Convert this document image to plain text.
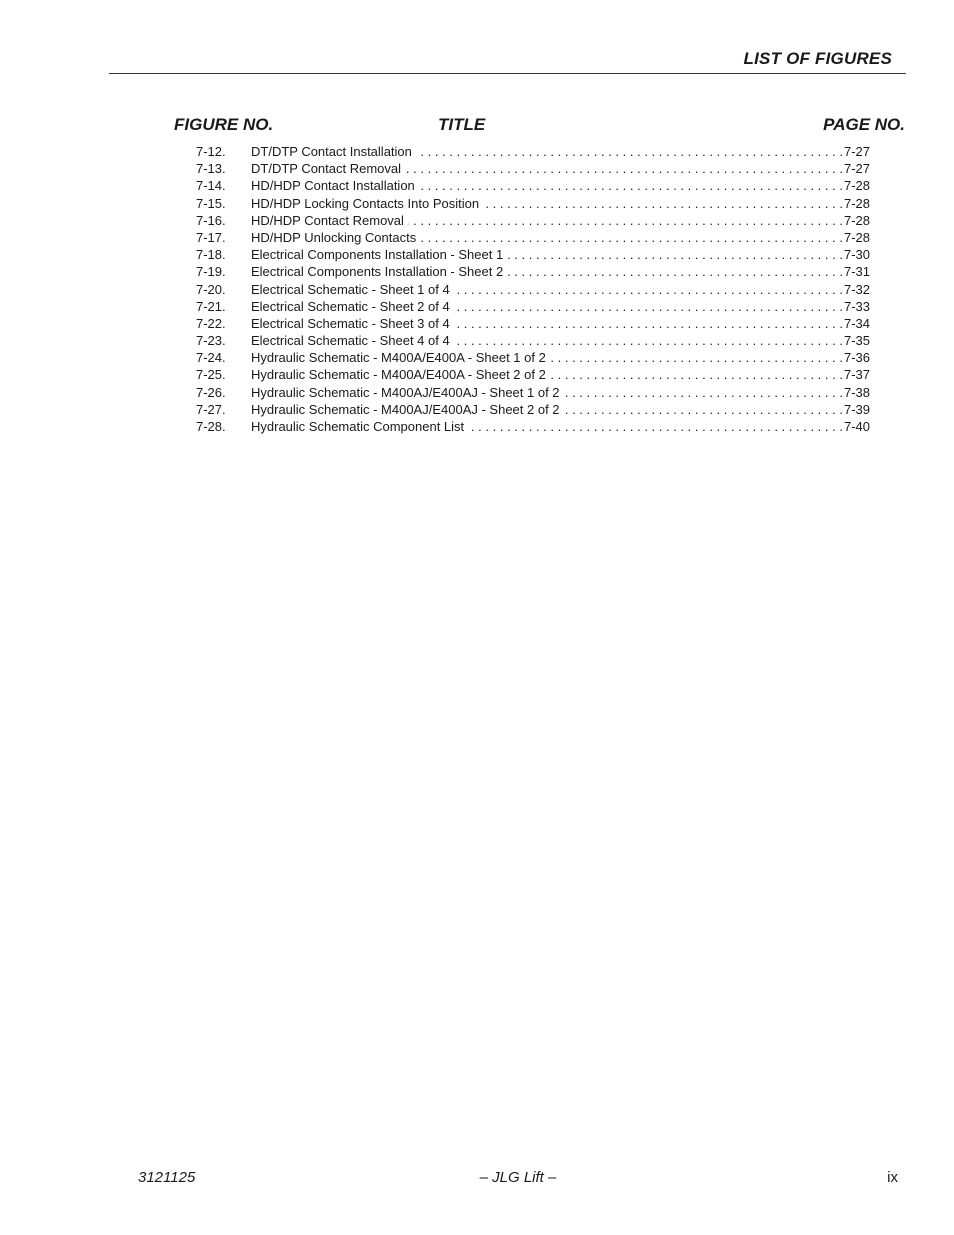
LIST OF FIGURES
FIGURE NO.	TITLE	PAGE NO.
7-12.	DT/DTP Contact Installation . . .	7-27
7-13.	DT/DTP Contact Removal . . .	7-27
7-14.	HD/HDP Contact Installation . . .	7-28
7-15.	HD/HDP Locking Contacts Into Position . . .	7-28
7-16.	HD/HDP Contact Removal . . .	7-28
7-17.	HD/HDP Unlocking Contacts . . .	7-28
7-18.	Electrical Components Installation - Sheet 1 . . .	7-30
7-19.	Electrical Components Installation - Sheet 2 . . .	7-31
7-20.	Electrical Schematic - Sheet 1 of 4 . . .	7-32
7-21.	Electrical Schematic - Sheet 2 of 4 . . .	7-33
7-22.	Electrical Schematic - Sheet 3 of 4 . . .	7-34
7-23.	Electrical Schematic - Sheet 4 of 4 . . .	7-35
7-24.	Hydraulic Schematic - M400A/E400A - Sheet 1 of 2 . . .	7-36
7-25.	Hydraulic Schematic - M400A/E400A - Sheet 2 of 2 . . .	7-37
7-26.	Hydraulic Schematic - M400AJ/E400AJ - Sheet 1 of 2 . . .	7-38
7-27.	Hydraulic Schematic - M400AJ/E400AJ - Sheet 2 of 2 . . .	7-39
7-28.	Hydraulic Schematic Component List . . .	7-40
3121125	– JLG Lift –	ix
